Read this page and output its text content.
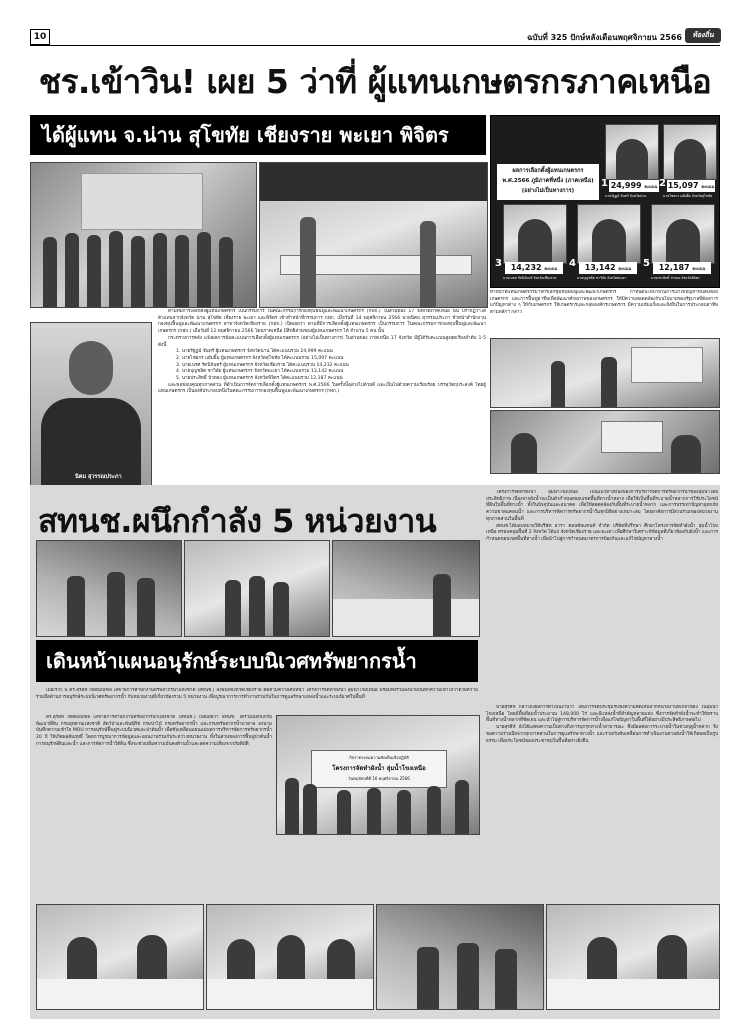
10	ฉบับที่ 325 ปักษ์หลังเดือนพฤศจิกายน 2566	ท้องถิ่น
ชร.เข้าวิน! เผย 5 ว่าที่ ผู้แทนเกษตรกรภาคเหนือ
ได้ผู้แทน จ.น่าน สุโขทัย เชียงราย พะเยา พิจิตร
ผลการเลือกตั้งผู้แทนเกษตรกร
พ.ศ.2566 ภูมิภาคที่หนึ่ง (ภาคเหนือ)
(อย่างไม่เป็นทางการ)
1 24,999 คะแนน
นายรัฐฏม์ จันทร์ จังหวัดน่าน
2 15,097 คะแนน
นายไชยกร แย้มยิ้ม จังหวัดสุโขทัย
3	14,232 คะแนน
นายเนรศ รัตนิจันทร์ จังหวัดเชียงราย
4	13,142 คะแนน
นายบุญชลิต ชาวิลัย จังหวัดพะเยา
5	12,187 คะแนน
นายประสิทธิ์ บัวทอง จังหวัดพิจิตร
ทำหน้าที่แทนเกษตรกรมาจักรเอกชุมชนพื้นฟูและพัฒนาเกษตรกร กำหนดนโยบายในการแก้ไขปัญหาหนี้สินของเกษตรกร และการฟื้นฟูอาชีพเพื่อพัฒนาศักยภาพของเกษตรกร ให้มีความสอดคล้องกับนโยบายของรัฐบาลที่ต้องการแก้ปัญหาต่าง ๆ ให้กับเกษตรกร ให้เกษตรกรและกลุ่มองค์กรเกษตรกร มีความเข้มแข็งและยั่งยืนในการประกอบอาชีพตามหลักฯ กล่าว
นิคม สุวรรณประภา

ตามที่มีการเลือกตั้งผู้แทนเกษตรกร เป็นกรรมการ ในคณะกรรมการกองทุนฟื้นฟูและพัฒนาเกษตรกร (กฟก.) ในส่วนของ 17 จังหวัดภาคเหนือ นั้น ปรากฏว่าได้ตัวแทนจากจังหวัด น่าน สุโขทัย เชียงราย พะเยา และพิจิตร เข้าทำหน้าที่กรรมการ กฟก. เมื่อวันที่ 14 พฤศจิกายน 2566 นายนิคม สุวรรณประภา หัวหน้าสำนักงานกองทุนฟื้นฟูและพัฒนาเกษตรกร สาขาจังหวัดเชียงราย (กฟก.) เปิดเผยว่า ตามที่มีการเลือกตั้งผู้แทนเกษตรกร เป็นกรรมการ ในคณะกรรมการกองทุนฟื้นฟูและพัฒนาเกษตรกร (กฟก.) เมื่อวันที่ 12 พฤศจิกายน 2566 โดยภาคเหนือ มีสิทธิส่วนของผู้แทนเกษตรกร ได้ จำนวน 5 คน นั้น

กระทรวงการคลัง แจ้งผลการนับคะแนนการเลือกตั้งผู้แทนเกษตรกร (อย่างไม่เป็นทางการ) ในส่วนของ ภาคเหนือ 17 จังหวัด มีผู้ได้รับคะแนนสูงสุดเรียงลำดับ 1-5 ดังนี้

1. นายรัฐฏม์ จันทร์ ผู้แทนเกษตรกร จังหวัดน่าน ได้คะแนนรวม 24,999 คะแนน
2. นายไชยกร แย้มยิ้ม ผู้แทนเกษตรกร จังหวัดสุโขทัย ได้คะแนนรวม 15,097 คะแนน
3. นายเนรศ รัตนิจันทร์ ผู้แทนเกษตรกร จังหวัดเชียงราย ได้คะแนนรวม 14,232 คะแนน
4. นายบุญชลิต ชาวิลัย ผู้แทนเกษตรกร จังหวัดพะเยา ได้คะแนนรวม 13,142 คะแนน
5. นายประสิทธิ์ บัวทอง ผู้แทนเกษตรกร จังหวัดพิจิตร ได้คะแนนรวม 12,187 คะแนน

และขอขอบคุณทุกภาคส่วน ที่ดำเนินการจัดการเลือกตั้งผู้แทนเกษตรกร พ.ศ.2566 ในครั้งนี้ลุล่วงไปด้วยดี และเป็นไปด้วยความเรียบร้อย บรรลุวัตถุประสงค์ โดยผู้แทนเกษตรกร เป็นองค์ประกอบหนึ่งในคณะกรรมการกองทุนฟื้นฟูและพัฒนาเกษตรกร (กฟก.)

สทนช.ผนึกกำลัง 5 หน่วยงาน

โครงการจัดทำผังน้ำ ลุ่มน้ำโขงเหนือ เป็นแนวทางหนึ่งของการบริหารจัดการทรัพยากรน้ำของลุ่มน้ำโดยประสิทธิภาพ เนื่องจากผังน้ำจะเป็นตัวกำหนดขอบเขตพื้นที่ทางน้ำหลาก เพื่อใช้เป็นพื้นที่ระบายน้ำหลากการใช้ประโยชน์ที่ดินในพื้นที่ทางน้ำ ทั้งในปัจจุบันและอนาคต เพื่อให้สอดคล้องกับพื้นที่ระบายน้ำหลาก และการบรรเทาปัญหาอุทกภัย ความขาดแคลนน้ำ และการบริหารจัดการทรัพยากรน้ำในทุกมิติอย่างเหมาะสม โดยอาศัยการมีส่วนร่วมของหน่วยงานทุกภาคส่วนในพื้นที่

สทนช.ได้มอบหมายให้บริษัท ธารา คอนซัลแทนท์ จำกัด บริษัทที่ปรึกษา ศึกษาโครงการจัดทำผังน้ำ ลุ่มน้ำโขงเหนือ ครอบคลุมพื้นที่ 2 จังหวัด ได้แก่ จังหวัดเชียงราย และพะเยา เพื่อศึกษาวิเคราะห์ข้อมูลที่เกี่ยวข้องกับผังน้ำ และการกำหนดขอบเขตพื้นที่ทางน้ำ เพื่อนำไปสู่การกำหนดมาตรการป้องกันและแก้ไขปัญหาทางน้ำ

นายสุรสีห์ กล่าวถึงผลการดำเนินงานว่า ได้มีการจัดประชุมรับฟังความคิดเห็นจากหน่วยงานที่เกี่ยวข้อง ในลุ่มน้ำโขงเหนือ โดยมีพื้นที่ลุ่มน้ำประมาณ 148,000 ไร่ และมีแหล่งน้ำที่สำคัญหลายแห่ง ซึ่งการจัดทำผังน้ำจะทำให้ทราบพื้นที่ทางน้ำหลากที่ชัดเจน และนำไปสู่การบริหารจัดการน้ำเพื่อแก้ไขปัญหาในพื้นที่ได้อย่างมีประสิทธิภาพต่อไป

นายสุรสีห์ ยังได้แสดงความเป็นห่วงถึงการบุกรุกทางน้ำสาธารณะ ซึ่งมีผลต่อการระบายน้ำในช่วงฤดูน้ำหลาก จึงขอความร่วมมือจากทุกภาคส่วนในการดูแลรักษาทางน้ำ และร่วมกันขับเคลื่อนการดำเนินงานตามผังน้ำให้เกิดผลเป็นรูปธรรม เพื่อประโยชน์ของประชาชนในพื้นที่อย่างยั่งยืน

เดินหน้าแผนอนุรักษ์ระบบนิเวศทรัพยากรน้ำ

เมื่อเร็วๆ นี้ ดร.สุรสีห์ กิตติมณฑล เลขาธิการสำนักงานทรัพยากรน้ำแห่งชาติ (สทนช.) ลงพื้นที่จังหวัดเชียงราย ติดตามความคืบหน้า โครงการจัดทำผังน้ำ ลุ่มน้ำโขงเหนือ พร้อมทั้งร่วมลงนามบันทึกความเข้าใจว่าด้วยความร่วมมือด้านการอนุรักษ์ระบบนิเวศทรัพยากรน้ำ กับหน่วยงานที่เกี่ยวข้องรวม 5 หน่วยงาน เพื่อบูรณาการการทำงานร่วมกันในการดูแลรักษาแหล่งน้ำและระบบนิเวศในพื้นที่

ดร.สุรสีห์ กิตติมณฑล เลขาธิการสำนักงานทรัพยากรน้ำแห่งชาติ (สทนช.) เปิดเผยว่า สทนช. ได้ร่วมมือกับกรมพัฒนาที่ดิน กรมอุทยานแห่งชาติ สัตว์ป่าและพันธุ์พืช กรมป่าไม้ กรมทรัพยากรน้ำ และกรมทรัพยากรน้ำบาดาล ลงนามบันทึกความเข้าใจ MOU การอนุรักษ์ฟื้นฟูระบบนิเวศและป่าต้นน้ำ เพื่อขับเคลื่อนแผนแม่บทการบริหารจัดการทรัพยากรน้ำ 20 ปี ให้เกิดผลสัมฤทธิ์ โดยการบูรณาการข้อมูลและแผนงานร่วมกันระหว่างหน่วยงาน ทั้งในส่วนของการฟื้นฟูป่าต้นน้ำ การอนุรักษ์ดินและน้ำ และการจัดการน้ำใต้ดิน ซึ่งจะช่วยเพิ่มความมั่นคงด้านน้ำและลดความเสี่ยงจากภัยพิบัติ

ภิปรายระดมความคิดเห็นเชิงปฏิบัติ
โครงการจัดทำผังน้ำ ลุ่มน้ำโขงเหนือ
วันพฤหัสบดีที่ 16 พฤศจิกายน 2566
